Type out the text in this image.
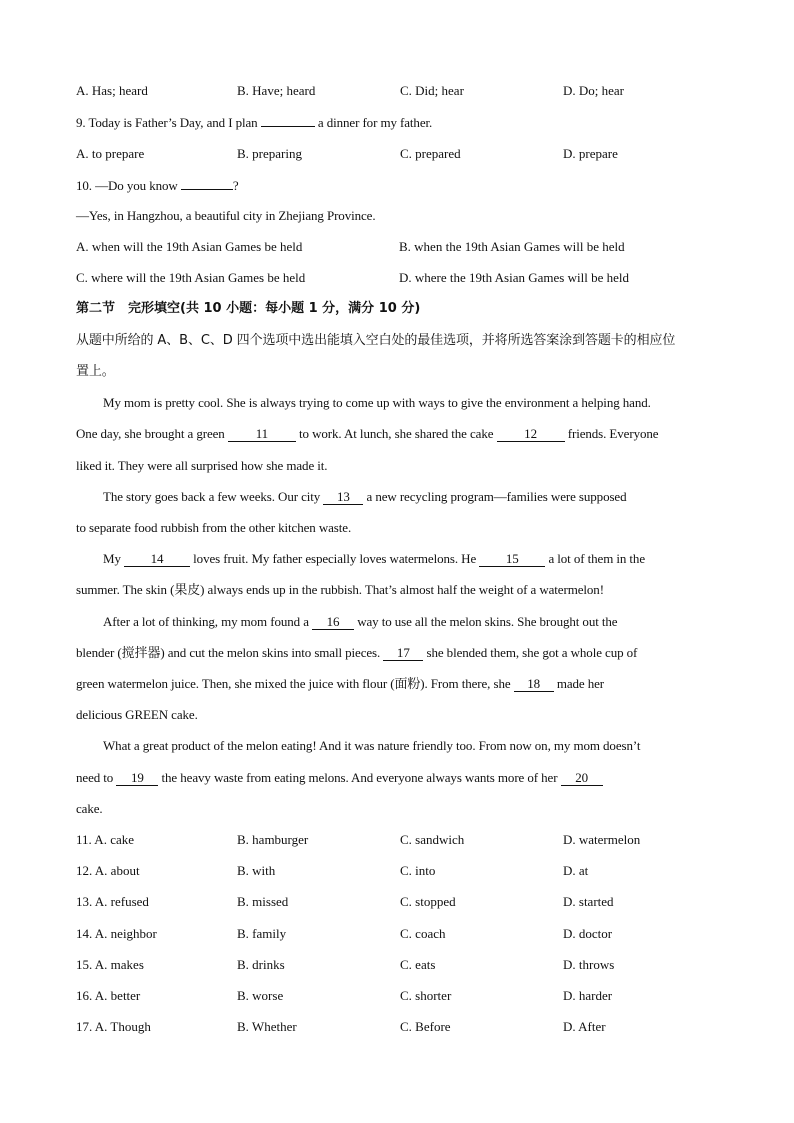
A. Has; heard	B. Have; heard	C. Did; hear	D. Do; hear
9. Today is Father’s Day, and I plan	a dinner for my father.
A. to prepare	B. preparing	C. prepared	D. prepare
10. —Do you know	?
—Yes, in Hangzhou, a beautiful city in Zhejiang Province.
A. when will the 19th Asian Games be held	B. when the 19th Asian Games will be held
C. where will the 19th Asian Games be held	D. where the 19th Asian Games will be held
第二节　完形填空(共 10 小题：每小题 1 分，满分 10 分)
从题中所给的 A、B、C、D 四个选项中选出能填入空白处的最佳选项，并将所选答案涂到答题卡的相应位
置上。
My mom is pretty cool. She is always trying to come up with ways to give the environment a helping hand.
One day, she brought a green 11 to work. At lunch, she shared the cake 12 friends. Everyone
liked it. They were all surprised how she made it.
The story goes back a few weeks. Our city 13 a new recycling program—families were supposed
to separate food rubbish from the other kitchen waste.
My 14 loves fruit. My father especially loves watermelons. He 15 a lot of them in the
summer. The skin (果皮) always ends up in the rubbish. That’s almost half the weight of a watermelon!
After a lot of thinking, my mom found a 16 way to use all the melon skins. She brought out the
blender (搅拌器) and cut the melon skins into small pieces. 17 she blended them, she got a whole cup of
green watermelon juice. Then, she mixed the juice with flour (面粉). From there, she 18 made her
delicious GREEN cake.
What a great product of the melon eating! And it was nature friendly too. From now on, my mom doesn’t
need to 19 the heavy waste from eating melons. And everyone always wants more of her 20
cake.
11. A. cake	B. hamburger	C. sandwich	D. watermelon
12. A. about	B. with	C. into	D. at
13. A. refused	B. missed	C. stopped	D. started
14. A. neighbor	B. family	C. coach	D. doctor
15. A. makes	B. drinks	C. eats	D. throws
16. A. better	B. worse	C. shorter	D. harder
17. A. Though	B. Whether	C. Before	D. After
